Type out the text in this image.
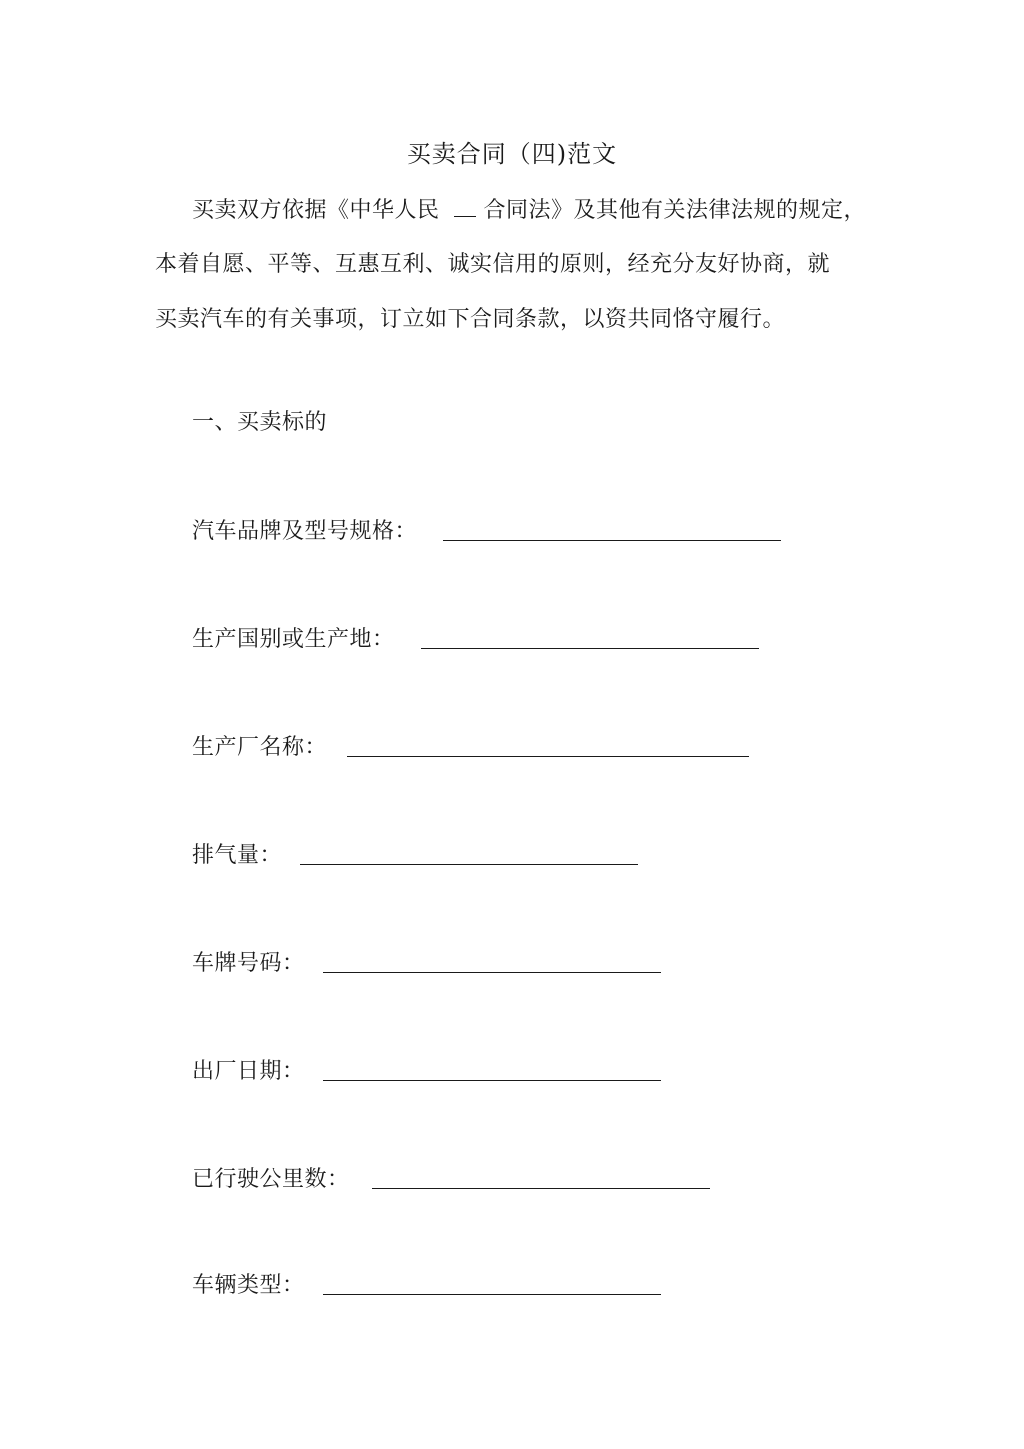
买卖合同（四)范文
买卖双方依据《中华人民 合同法》及其他有关法律法规的规定，
本着自愿、平等、互惠互利、诚实信用的原则，经充分友好协商，就
买卖汽车的有关事项，订立如下合同条款，以资共同恪守履行。
一、买卖标的
汽车品牌及型号规格：
生产国别或生产地：
生产厂名称：
排气量：
车牌号码：
出厂日期：
已行驶公里数：
车辆类型：
